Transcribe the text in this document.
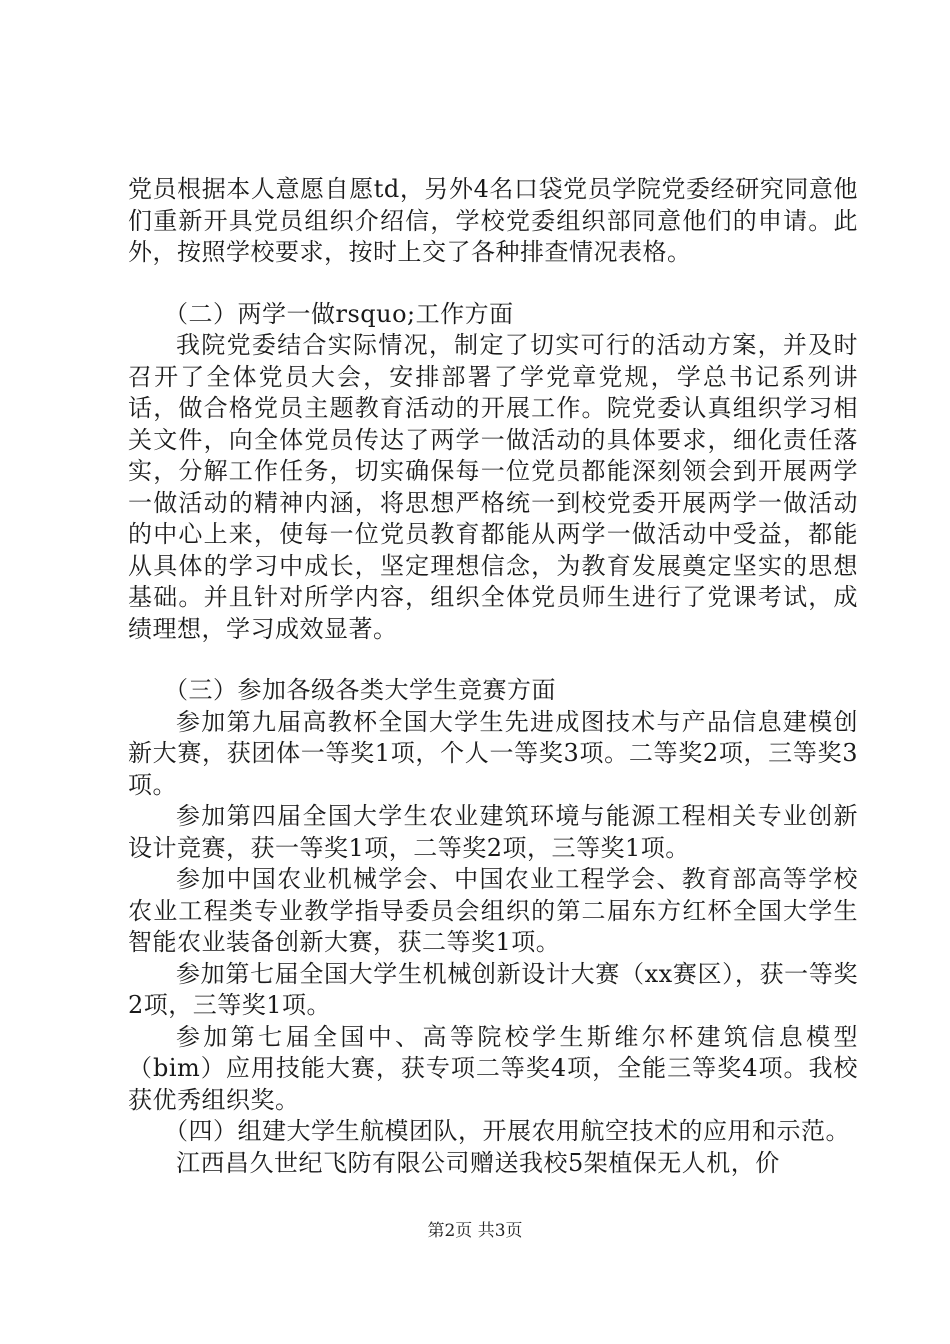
党员根据本人意愿自愿td，另外4名口袋党员学院党委经研究同意他们重新开具党员组织介绍信，学校党委组织部同意他们的申请。此外，按照学校要求，按时上交了各种排查情况表格。

（二）两学一做rsquo;工作方面

我院党委结合实际情况，制定了切实可行的活动方案，并及时召开了全体党员大会，安排部署了学党章党规，学总书记系列讲话，做合格党员主题教育活动的开展工作。院党委认真组织学习相关文件，向全体党员传达了两学一做活动的具体要求，细化责任落实，分解工作任务，切实确保每一位党员都能深刻领会到开展两学一做活动的精神内涵，将思想严格统一到校党委开展两学一做活动的中心上来，使每一位党员教育都能从两学一做活动中受益，都能从具体的学习中成长，坚定理想信念，为教育发展奠定坚实的思想基础。并且针对所学内容，组织全体党员师生进行了党课考试，成绩理想，学习成效显著。

（三）参加各级各类大学生竞赛方面

参加第九届高教杯全国大学生先进成图技术与产品信息建模创新大赛，获团体一等奖1项，个人一等奖3项。二等奖2项，三等奖3项。

参加第四届全国大学生农业建筑环境与能源工程相关专业创新设计竞赛，获一等奖1项，二等奖2项，三等奖1项。

参加中国农业机械学会、中国农业工程学会、教育部高等学校农业工程类专业教学指导委员会组织的第二届东方红杯全国大学生智能农业装备创新大赛，获二等奖1项。

参加第七届全国大学生机械创新设计大赛（xx赛区），获一等奖2项，三等奖1项。

参加第七届全国中、高等院校学生斯维尔杯建筑信息模型（bim）应用技能大赛，获专项二等奖4项，全能三等奖4项。我校获优秀组织奖。

（四）组建大学生航模团队，开展农用航空技术的应用和示范。

江西昌久世纪飞防有限公司赠送我校5架植保无人机，价

第2页 共3页
